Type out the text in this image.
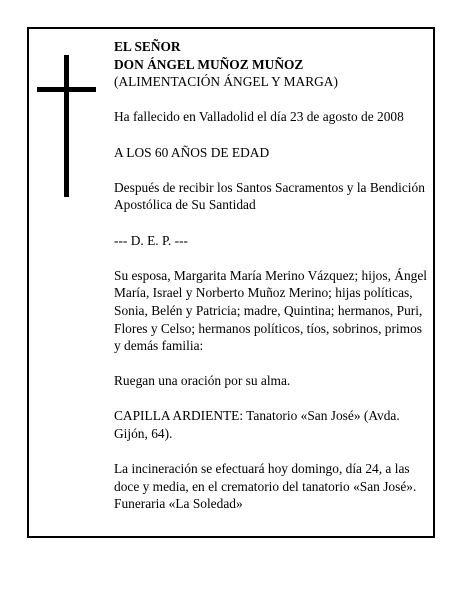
EL SEÑOR

DON ÁNGEL MUÑOZ MUÑOZ

(ALIMENTACIÓN ÁNGEL Y MARGA)

Ha fallecido en Valladolid el día 23 de agosto de 2008

A LOS 60 AÑOS DE EDAD

Después de recibir los Santos Sacramentos y la Bendición Apostólica de Su Santidad

--- D. E. P. ---

Su esposa, Margarita María Merino Vázquez; hijos, Ángel María, Israel y Norberto Muñoz Merino; hijas políticas, Sonia, Belén y Patricia; madre, Quintina; hermanos, Puri, Flores y Celso; hermanos políticos, tíos, sobrinos, primos y demás familia:

Ruegan una oración por su alma.

CAPILLA ARDIENTE: Tanatorio «San José» (Avda. Gijón, 64).

La incineración se efectuará hoy domingo, día 24, a las doce y media, en el crematorio del tanatorio «San José».

Funeraria «La Soledad»
